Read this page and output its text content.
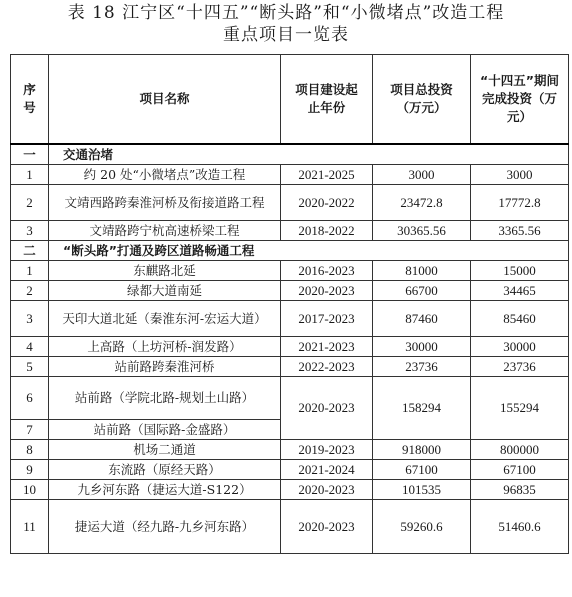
表 18 江宁区“十四五”“断头路”和“小微堵点”改造工程
重点项目一览表
序号	项目名称	项目建设起止年份	项目总投资（万元）	“十四五”期间完成投资（万元）
一	交通治堵			
1	约 20 处“小微堵点”改造工程	2021-2025	3000	3000
2	文靖西路跨秦淮河桥及衔接道路工程	2020-2022	23472.8	17772.8
3	文靖路跨宁杭高速桥梁工程	2018-2022	30365.56	3365.56
二	“断头路”打通及跨区道路畅通工程			
1	东麒路北延	2016-2023	81000	15000
2	绿都大道南延	2020-2023	66700	34465
3	天印大道北延（秦淮东河-宏运大道）	2017-2023	87460	85460
4	上高路（上坊河桥-润发路）	2021-2023	30000	30000
5	站前路跨秦淮河桥	2022-2023	23736	23736
6	站前路（学院北路-规划土山路）	2020-2023	158294	155294
7	站前路（国际路-金盛路）			
8	机场二通道	2019-2023	918000	800000
9	东流路（原经天路）	2021-2024	67100	67100
10	九乡河东路（捷运大道-S122）	2020-2023	101535	96835
11	捷运大道（经九路-九乡河东路）	2020-2023	59260.6	51460.6
